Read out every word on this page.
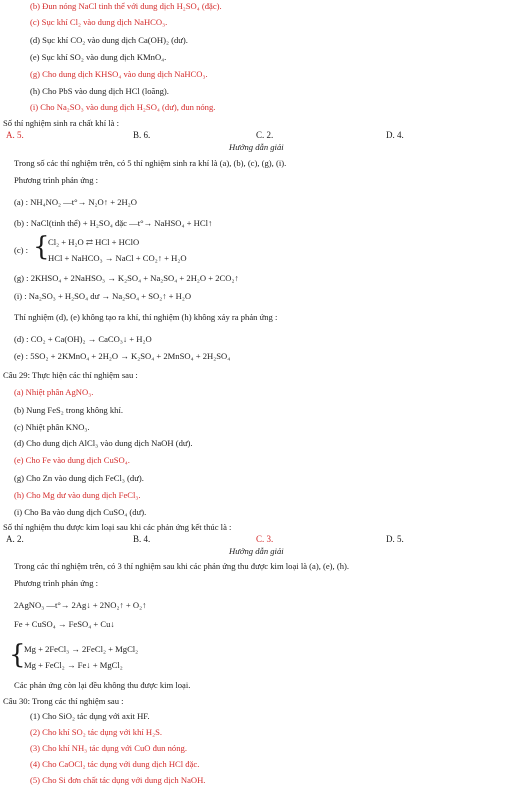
(b) Đun nóng NaCl tinh thể với dung dịch H₂SO₄ (đặc).
(c) Sục khí Cl₂ vào dung dịch NaHCO₃.
(d) Sục khí CO₂ vào dung dịch Ca(OH)₂ (dư).
(e) Sục khí SO₂ vào dung dịch KMnO₄.
(g) Cho dung dịch KHSO₄ vào dung dịch NaHCO₃.
(h) Cho PbS vào dung dịch HCl (loãng).
(i) Cho Na₂SO₃ vào dung dịch H₂SO₄ (dư), đun nóng.
Số thí nghiệm sinh ra chất khí là :
A. 5.	B. 6.	C. 2.	D. 4.
Hướng dẫn giải
Trong số các thí nghiệm trên, có 5 thí nghiệm sinh ra khí là (a), (b), (c), (g), (i).
Phương trình phản ứng :
(a) : NH₄NO₂ —t°→ N₂O↑ + 2H₂O
(b) : NaCl(tinh thể) + H₂SO₄ đặc —t°→ NaHSO₄ + HCl↑
(c) : {
Cl₂ + H₂O ⇄ HCl + HClO
HCl + NaHCO₃ → NaCl + CO₂↑ + H₂O
(g) : 2KHSO₄ + 2NaHSO₃ → K₂SO₄ + Na₂SO₄ + 2H₂O + 2CO₂↑
(i) : Na₂SO₃ + H₂SO₄ dư → Na₂SO₄ + SO₂↑ + H₂O
Thí nghiệm (d), (e) không tạo ra khí, thí nghiệm (h) không xảy ra phản ứng :
(d) : CO₂ + Ca(OH)₂ → CaCO₃↓ + H₂O
(e) : 5SO₂ + 2KMnO₄ + 2H₂O → K₂SO₄ + 2MnSO₄ + 2H₂SO₄
Câu 29: Thực hiện các thí nghiệm sau :
(a) Nhiệt phân AgNO₃.
(b) Nung FeS₂ trong không khí.
(c) Nhiệt phân KNO₃.
(d) Cho dung dịch AlCl₃ vào dung dịch NaOH (dư).
(e) Cho Fe vào dung dịch CuSO₄.
(g) Cho Zn vào dung dịch FeCl₃ (dư).
(h) Cho Mg dư vào dung dịch FeCl₃.
(i) Cho Ba vào dung dịch CuSO₄ (dư).
Số thí nghiệm thu được kim loại sau khi các phản ứng kết thúc là :
A. 2.	B. 4.	C. 3.	D. 5.
Hướng dẫn giải
Trong các thí nghiệm trên, có 3 thí nghiệm sau khi các phản ứng thu được kim loại là (a), (e), (h).
Phương trình phản ứng :
2AgNO₃ —t°→ 2Ag↓ + 2NO₂↑ + O₂↑
Fe + CuSO₄ → FeSO₄ + Cu↓
{
Mg + 2FeCl₃ → 2FeCl₂ + MgCl₂
Mg + FeCl₂ → Fe↓ + MgCl₂
Các phản ứng còn lại đều không thu được kim loại.
Câu 30: Trong các thí nghiệm sau :
(1) Cho SiO₂ tác dụng với axit HF.
(2) Cho khí SO₂ tác dụng với khí H₂S.
(3) Cho khí NH₃ tác dụng với CuO đun nóng.
(4) Cho CaOCl₂ tác dụng với dung dịch HCl đặc.
(5) Cho Si đơn chất tác dụng với dung dịch NaOH.
